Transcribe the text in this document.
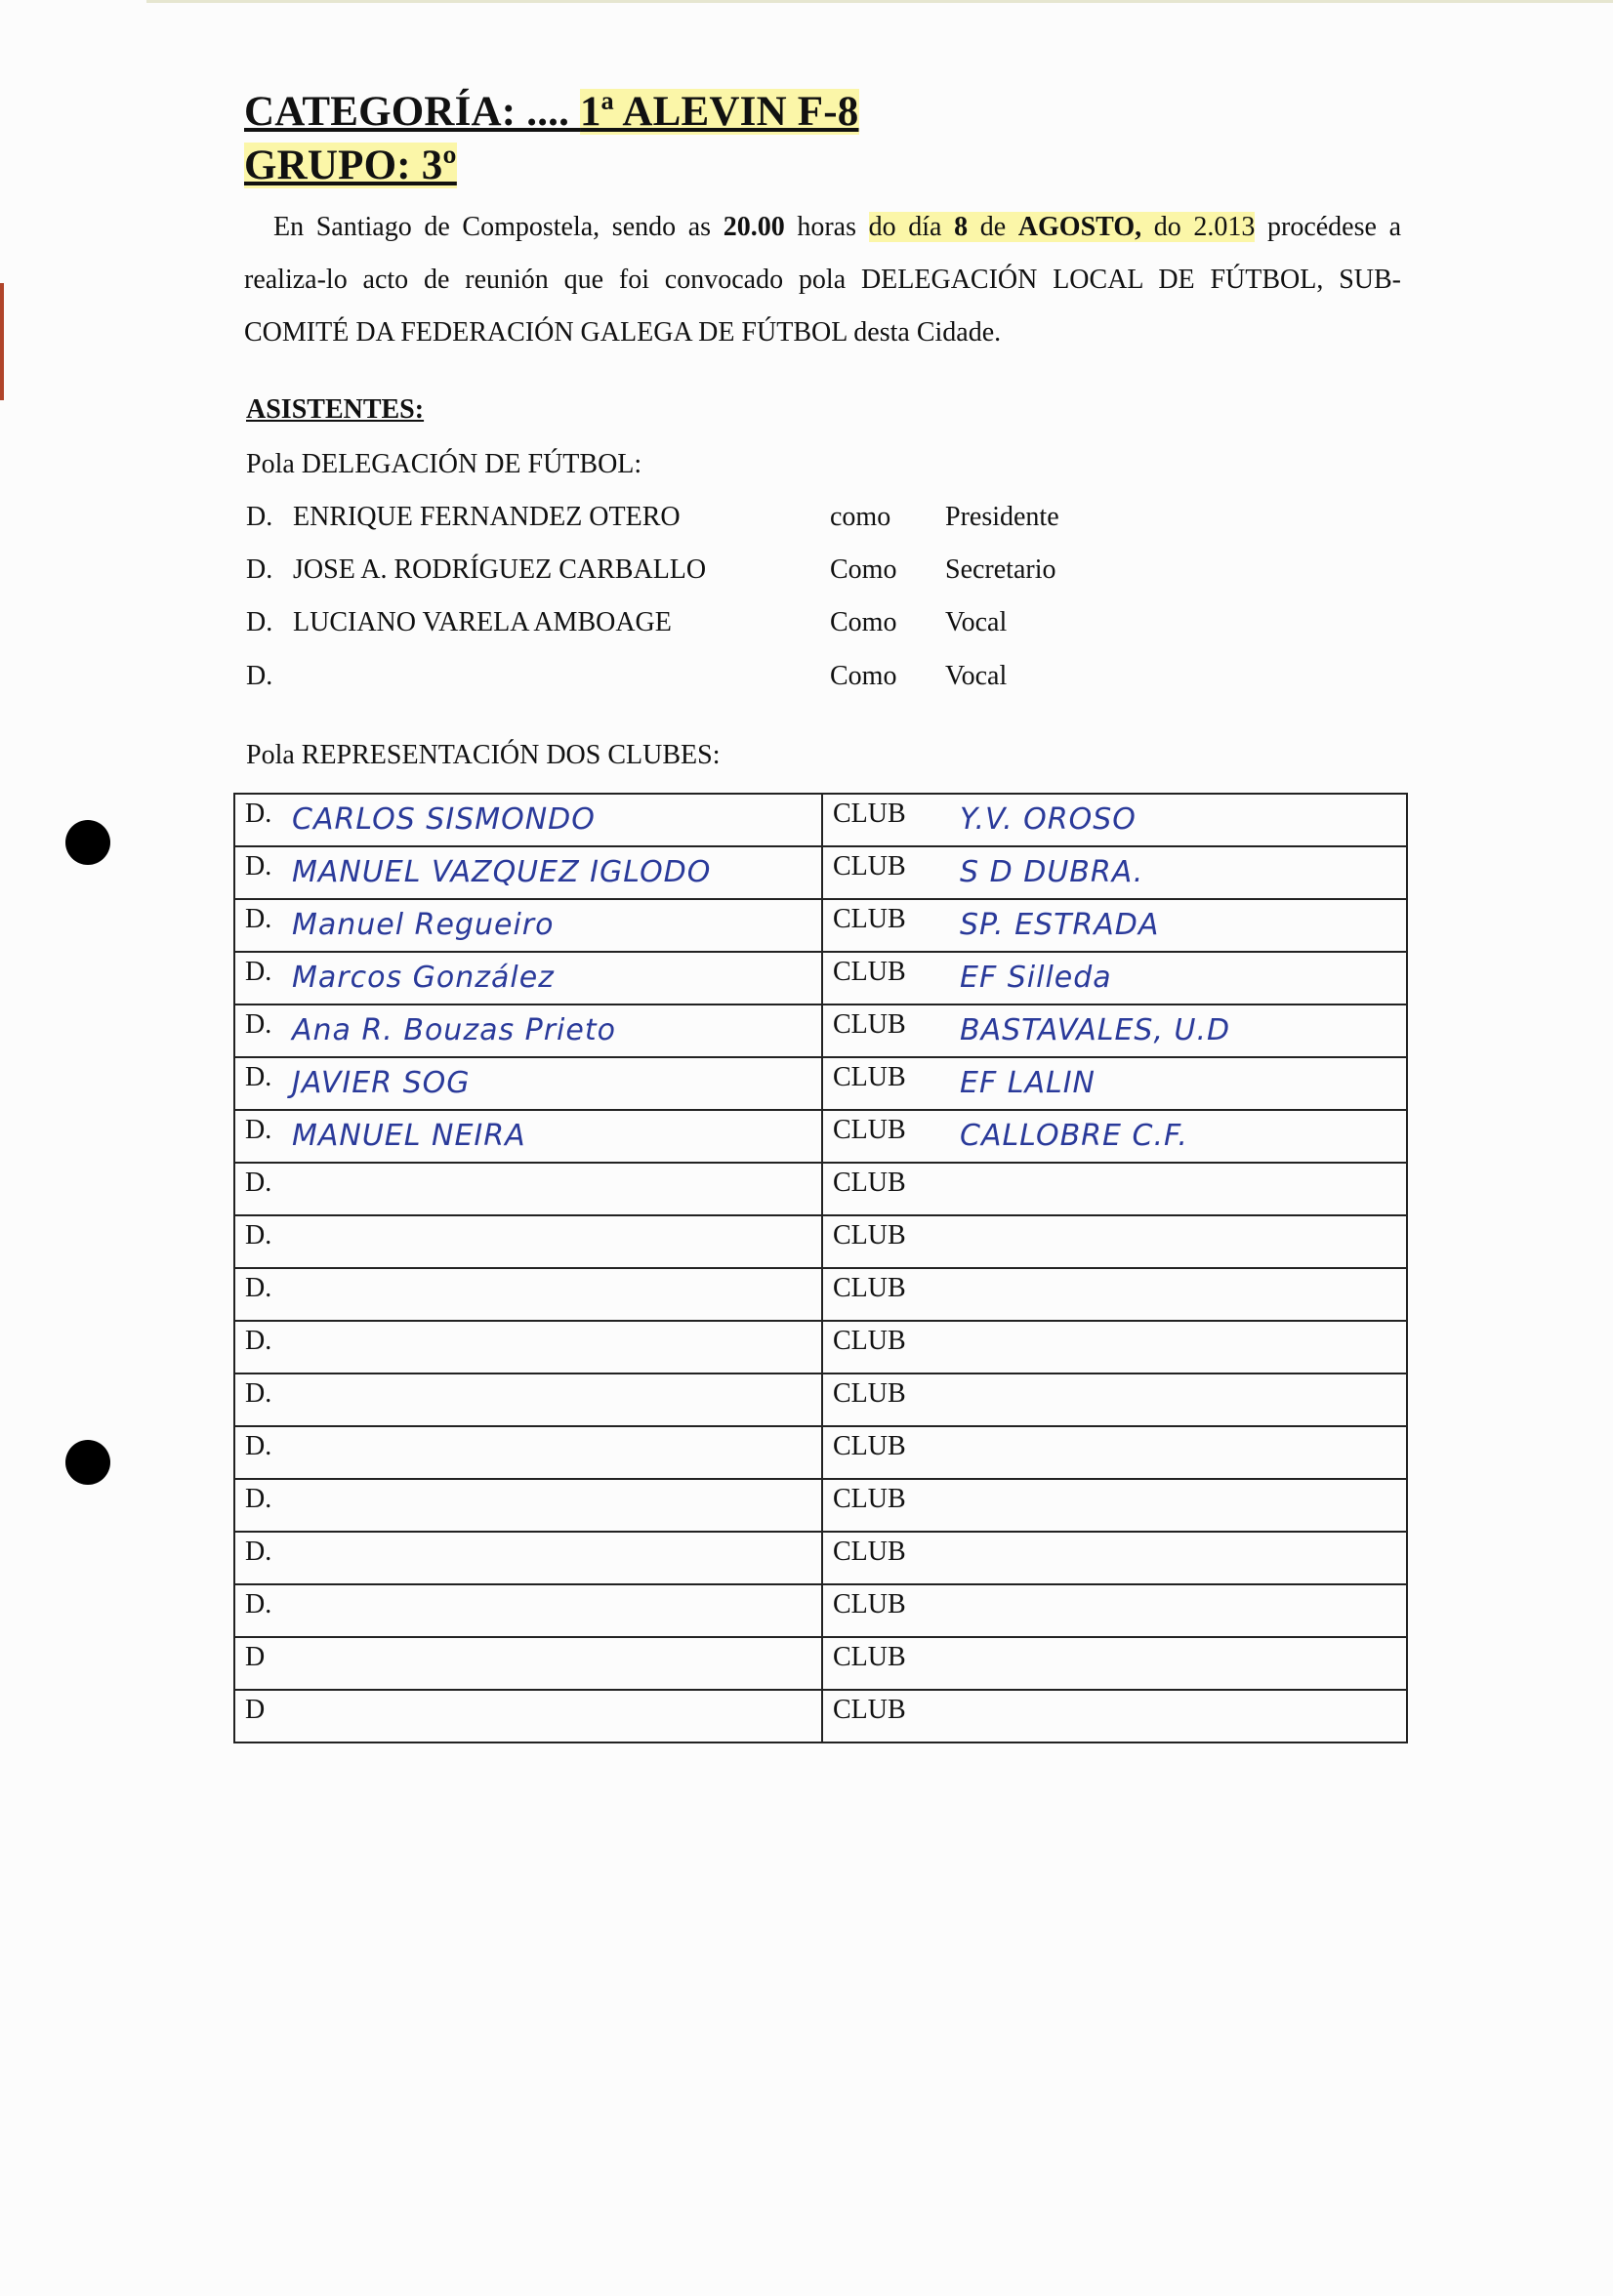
CATEGORÍA: .... 1ª ALEVIN F-8
GRUPO: 3º
En Santiago de Compostela, sendo as 20.00 horas do día 8 de AGOSTO, do 2.013 procédese a realiza-lo acto de reunión que foi convocado pola DELEGACIÓN LOCAL DE FÚTBOL, SUB-COMITÉ DA FEDERACIÓN GALEGA DE FÚTBOL desta Cidade.
ASISTENTES:
Pola DELEGACIÓN DE FÚTBOL:
D. ENRIQUE FERNANDEZ OTERO	como Presidente
D. JOSE A. RODRÍGUEZ CARBALLO	Como Secretario
D. LUCIANO VARELA AMBOAGE	Como Vocal
D.	Como Vocal
Pola REPRESENTACIÓN DOS CLUBES:
D. CARLOS SISMONDO	CLUB Y.V. OROSO

D. MANUEL VAZQUEZ IGLODO	CLUB S D DUBRA.

D. Manuel Regueiro	CLUB SP. ESTRADA

D. Marcos González	CLUB EF Silleda

D. Ana R. Bouzas Prieto	CLUB BASTAVALES, U.D

D. JAVIER SOG	CLUB EF LALIN

D. MANUEL NEIRA	CLUB CALLOBRE C.F.

D.	CLUB

D.	CLUB

D.	CLUB

D.	CLUB

D.	CLUB

D.	CLUB

D.	CLUB

D.	CLUB

D.	CLUB

D	CLUB

D	CLUB
